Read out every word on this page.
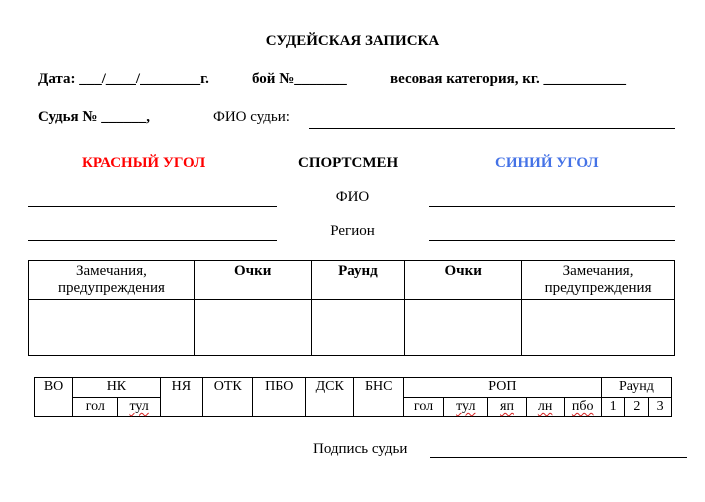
СУДЕЙСКАЯ ЗАПИСКА
Дата: ___/____/________г.	бой №_______	весовая категория, кг. ___________
Судья № ______,	ФИО судьи:
КРАСНЫЙ УГОЛ	СПОРТСМЕН	СИНИЙ УГОЛ
ФИО
Регион
Замечания, предупреждения	Очки	Раунд	Очки	Замечания, предупреждения

ВО	НК		НЯ	ОТК	ПБО	ДСК	БНС	РОП					Раунд		
	гол	тул						гол	тул	яп	лн	пбо	1	2	3
Подпись судьи
